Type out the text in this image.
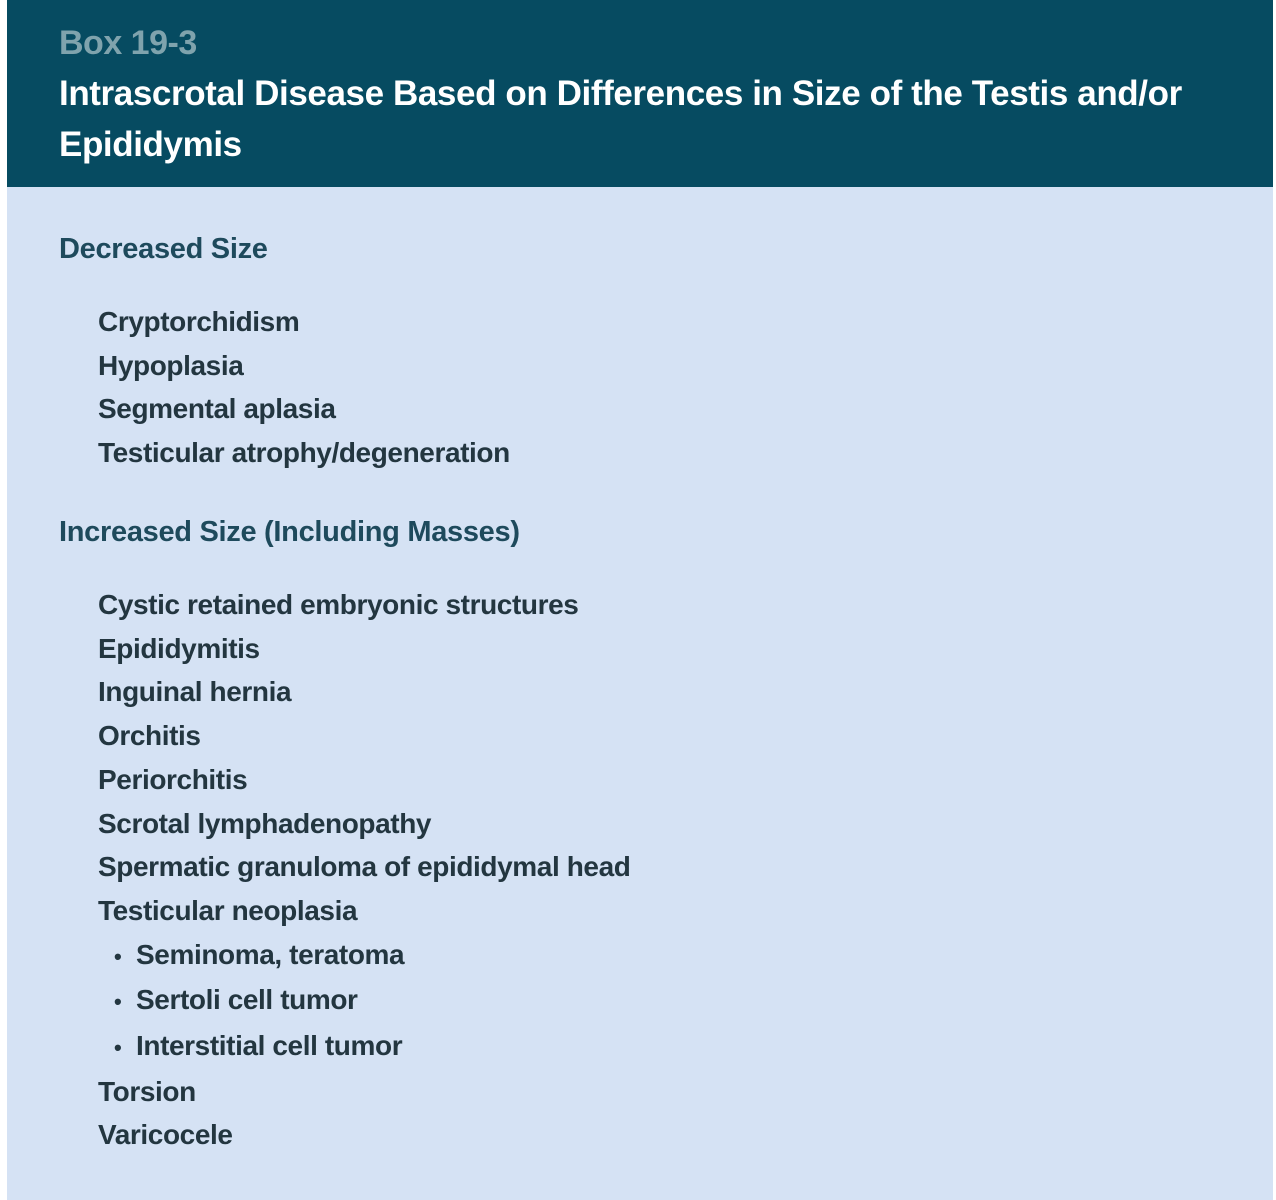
Box 19-3
Intrascrotal Disease Based on Differences in Size of the Testis and/or Epididymis
Decreased Size
Cryptorchidism
Hypoplasia
Segmental aplasia
Testicular atrophy/degeneration
Increased Size (Including Masses)
Cystic retained embryonic structures
Epididymitis
Inguinal hernia
Orchitis
Periorchitis
Scrotal lymphadenopathy
Spermatic granuloma of epididymal head
Testicular neoplasia
• Seminoma, teratoma
• Sertoli cell tumor
• Interstitial cell tumor
Torsion
Varicocele
